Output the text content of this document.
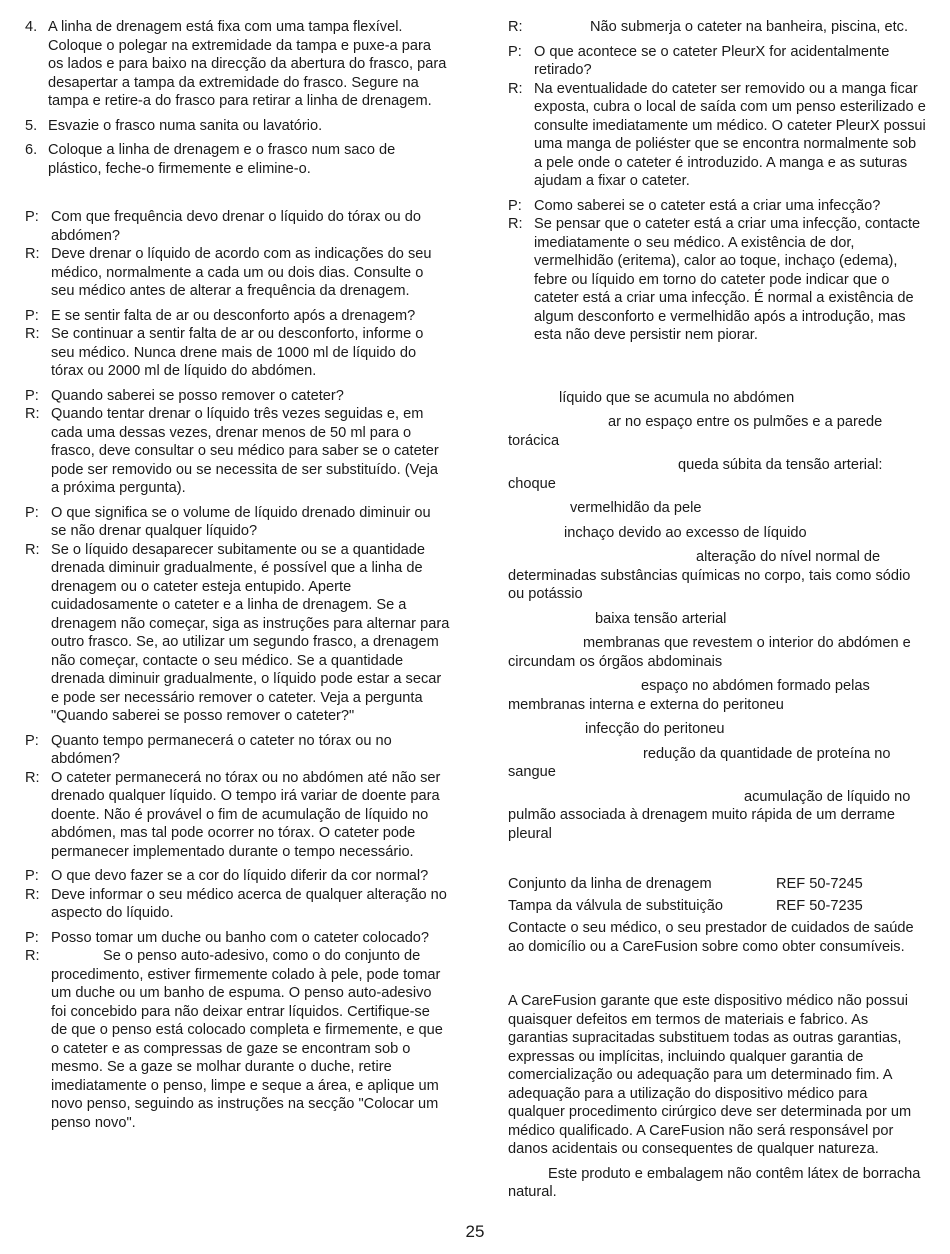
4. A linha de drenagem está fixa com uma tampa flexível. Coloque o polegar na extremidade da tampa e puxe-a para os lados e para baixo na direcção da abertura do frasco, para desapertar a tampa da extremidade do frasco. Segure na tampa e retire-a do frasco para retirar a linha de drenagem.
5. Esvazie o frasco numa sanita ou lavatório.
6. Coloque a linha de drenagem e o frasco num saco de plástico, feche-o firmemente e elimine-o.
P: Com que frequência devo drenar o líquido do tórax ou do abdómen?
R: Deve drenar o líquido de acordo com as indicações do seu médico, normalmente a cada um ou dois dias. Consulte o seu médico antes de alterar a frequência da drenagem.
P: E se sentir falta de ar ou desconforto após a drenagem?
R: Se continuar a sentir falta de ar ou desconforto, informe o seu médico. Nunca drene mais de 1000 ml de líquido do tórax ou 2000 ml de líquido do abdómen.
P: Quando saberei se posso remover o cateter?
R: Quando tentar drenar o líquido três vezes seguidas e, em cada uma dessas vezes, drenar menos de 50 ml para o frasco, deve consultar o seu médico para saber se o cateter pode ser removido ou se necessita de ser substituído. (Veja a próxima pergunta).
P: O que significa se o volume de líquido drenado diminuir ou se não drenar qualquer líquido?
R: Se o líquido desaparecer subitamente ou se a quantidade drenada diminuir gradualmente, é possível que a linha de drenagem ou o cateter esteja entupido. Aperte cuidadosamente o cateter e a linha de drenagem. Se a drenagem não começar, siga as instruções para alternar para outro frasco. Se, ao utilizar um segundo frasco, a drenagem não começar, contacte o seu médico. Se a quantidade drenada diminuir gradualmente, o líquido pode estar a secar e pode ser necessário remover o cateter. Veja a pergunta "Quando saberei se posso remover o cateter?"
P: Quanto tempo permanecerá o cateter no tórax ou no abdómen?
R: O cateter permanecerá no tórax ou no abdómen até não ser drenado qualquer líquido. O tempo irá variar de doente para doente. Não é provável o fim de acumulação de líquido no abdómen, mas tal pode ocorrer no tórax. O cateter pode permanecer implementado durante o tempo necessário.
P: O que devo fazer se a cor do líquido diferir da cor normal?
R: Deve informar o seu médico acerca de qualquer alteração no aspecto do líquido.
P: Posso tomar um duche ou banho com o cateter colocado?
R:	Se o penso auto-adesivo, como o do conjunto de procedimento, estiver firmemente colado à pele, pode tomar um duche ou um banho de espuma. O penso auto-adesivo foi concebido para não deixar entrar líquidos. Certifique-se de que o penso está colocado completa e firmemente, e que o cateter e as compressas de gaze se encontram sob o mesmo. Se a gaze se molhar durante o duche, retire imediatamente o penso, limpe e seque a área, e aplique um novo penso, seguindo as instruções na secção "Colocar um penso novo".
R:	Não submerja o cateter na banheira, piscina, etc.
P: O que acontece se o cateter PleurX for acidentalmente retirado?
R: Na eventualidade do cateter ser removido ou a manga ficar exposta, cubra o local de saída com um penso esterilizado e consulte imediatamente um médico. O cateter PleurX possui uma manga de poliéster que se encontra normalmente sob a pele onde o cateter é introduzido. A manga e as suturas ajudam a fixar o cateter.
P: Como saberei se o cateter está a criar uma infecção?
R: Se pensar que o cateter está a criar uma infecção, contacte imediatamente o seu médico. A existência de dor, vermelhidão (eritema), calor ao toque, inchaço (edema), febre ou líquido em torno do cateter pode indicar que o cateter está a criar uma infecção. É normal a existência de algum desconforto e vermelhidão após a introdução, mas esta não deve persistir nem piorar.
líquido que se acumula no abdómen
ar no espaço entre os pulmões e a parede torácica
queda súbita da tensão arterial: choque
vermelhidão da pele
inchaço devido ao excesso de líquido
alteração do nível normal de determinadas substâncias químicas no corpo, tais como sódio ou potássio
baixa tensão arterial
membranas que revestem o interior do abdómen e circundam os órgãos abdominais
espaço no abdómen formado pelas membranas interna e externa do peritoneu
infecção do peritoneu
redução da quantidade de proteína no sangue
acumulação de líquido no pulmão associada à drenagem muito rápida de um derrame pleural
Conjunto da linha de drenagem	REF 50-7245
Tampa da válvula de substituição	REF 50-7235

Contacte o seu médico, o seu prestador de cuidados de saúde ao domicílio ou a CareFusion sobre como obter consumíveis.

A CareFusion garante que este dispositivo médico não possui quaisquer defeitos em termos de materiais e fabrico. As garantias supracitadas substituem todas as outras garantias, expressas ou implícitas, incluindo qualquer garantia de comercialização ou adequação para um determinado fim. A adequação para a utilização do dispositivo médico para qualquer procedimento cirúrgico deve ser determinada por um médico qualificado. A CareFusion não será responsável por danos acidentais ou consequentes de qualquer natureza.

Este produto e embalagem não contêm látex de borracha natural.

25
